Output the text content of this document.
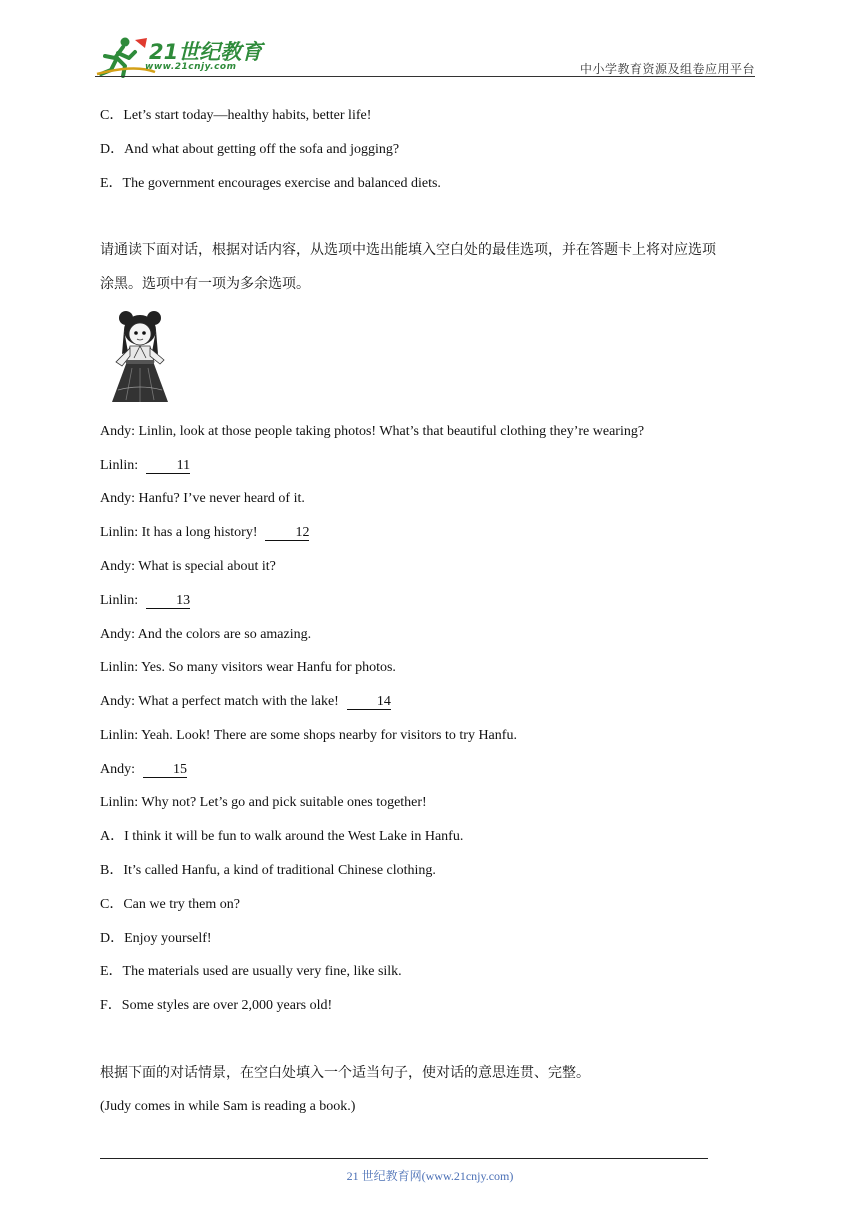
21世纪教育
www.21cnjy.com	中小学教育资源及组卷应用平台
C．Let’s start today—healthy habits, better life!
D．And what about getting off the sofa and jogging?
E．The government encourages exercise and balanced diets.
请通读下面对话，根据对话内容，从选项中选出能填入空白处的最佳选项，并在答题卡上将对应选项
涂黑。选项中有一项为多余选项。
Andy: Linlin, look at those people taking photos! What’s that beautiful clothing they’re wearing?
Linlin:	11
Andy: Hanfu? I’ve never heard of it.
Linlin: It has a long history!	12
Andy: What is special about it?
Linlin:	13
Andy: And the colors are so amazing.
Linlin: Yes. So many visitors wear Hanfu for photos.
Andy: What a perfect match with the lake!	14
Linlin: Yeah. Look! There are some shops nearby for visitors to try Hanfu.
Andy:	15
Linlin: Why not? Let’s go and pick suitable ones together!
A．I think it will be fun to walk around the West Lake in Hanfu.
B．It’s called Hanfu, a kind of traditional Chinese clothing.
C．Can we try them on?
D．Enjoy yourself!
E．The materials used are usually very fine, like silk.
F．Some styles are over 2,000 years old!
根据下面的对话情景，在空白处填入一个适当句子，使对话的意思连贯、完整。
(Judy comes in while Sam is reading a book.)
21 世纪教育网(www.21cnjy.com)
